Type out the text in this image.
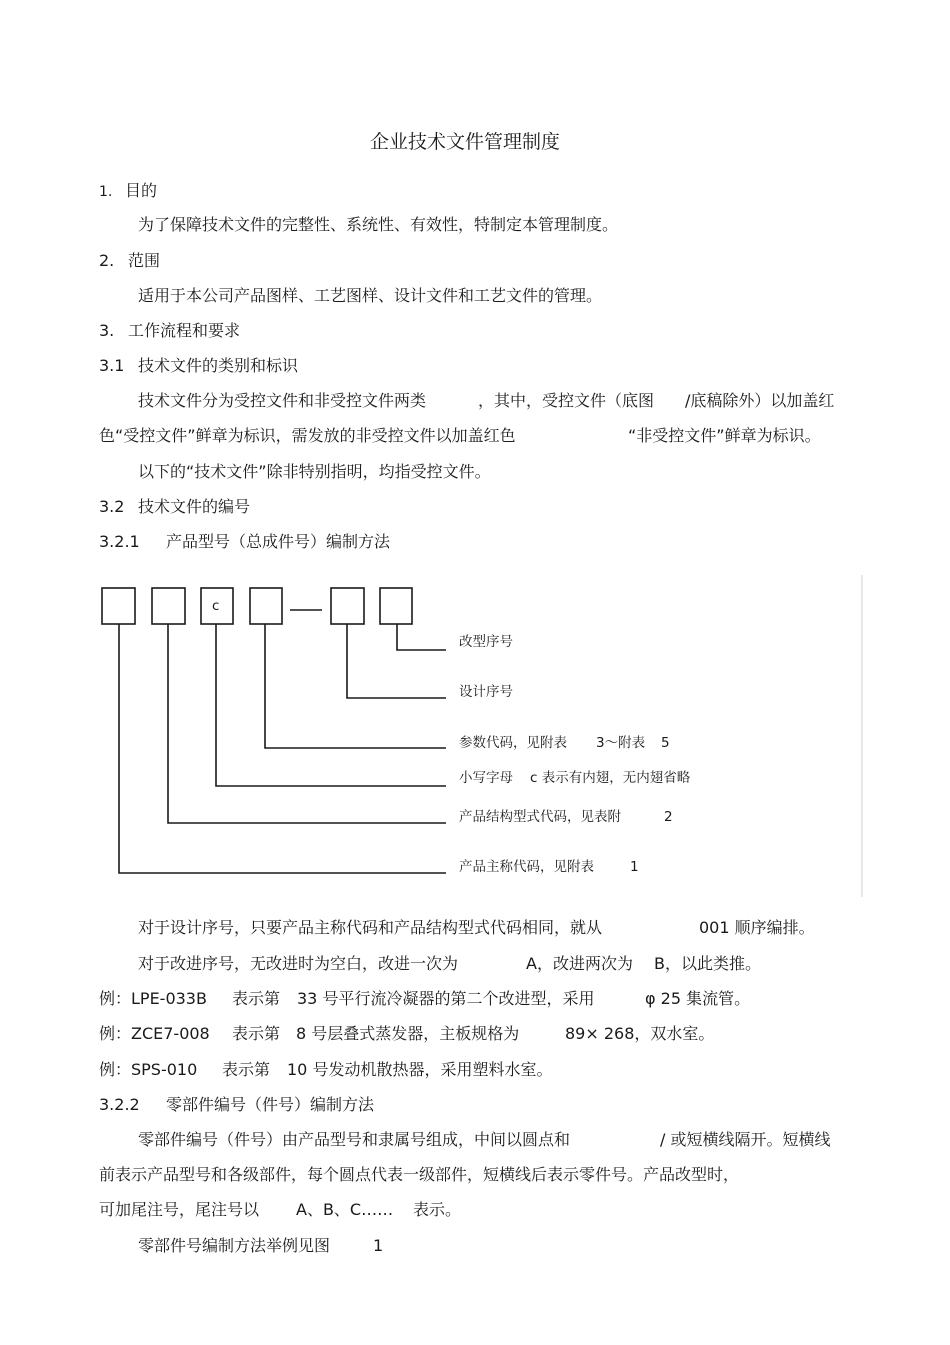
企业技术文件管理制度
1. 目的
为了保障技术文件的完整性、系统性、有效性，特制定本管理制度。
2. 范围
适用于本公司产品图样、工艺图样、设计文件和工艺文件的管理。
3. 工作流程和要求
3.1 技术文件的类别和标识
技术文件分为受控文件和非受控文件两类	，其中，受控文件（底图 /底稿除外）以加盖红
色“受控文件”鲜章为标识，需发放的非受控文件以加盖红色	“非受控文件”鲜章为标识。
以下的“技术文件”除非特别指明，均指受控文件。
3.2 技术文件的编号
3.2.1 产品型号（总成件号）编制方法
c
改型序号
设计序号
参数代码，见附表 3～附表 5
小写字母 c 表示有内翅，无内翅省略
产品结构型式代码，见表附	2
产品主称代码，见附表	1
对于设计序号，只要产品主称代码和产品结构型式代码相同，就从	001 顺序编排。
对于改进序号，无改进时为空白，改进一次为	A，改进两次为 B，以此类推。
例：LPE-033B 表示第 33 号平行流冷凝器的第二个改进型，采用	φ 25 集流管。
例：ZCE7-008 表示第 8 号层叠式蒸发器，主板规格为	89× 268，双水室。
例：SPS-010 表示第 10 号发动机散热器，采用塑料水室。
3.2.2 零部件编号（件号）编制方法
零部件编号（件号）由产品型号和隶属号组成，中间以圆点和	/ 或短横线隔开。短横线
前表示产品型号和各级部件，每个圆点代表一级部件，短横线后表示零件号。产品改型时，
可加尾注号，尾注号以 A、B、C…… 表示。
零部件号编制方法举例见图	1
